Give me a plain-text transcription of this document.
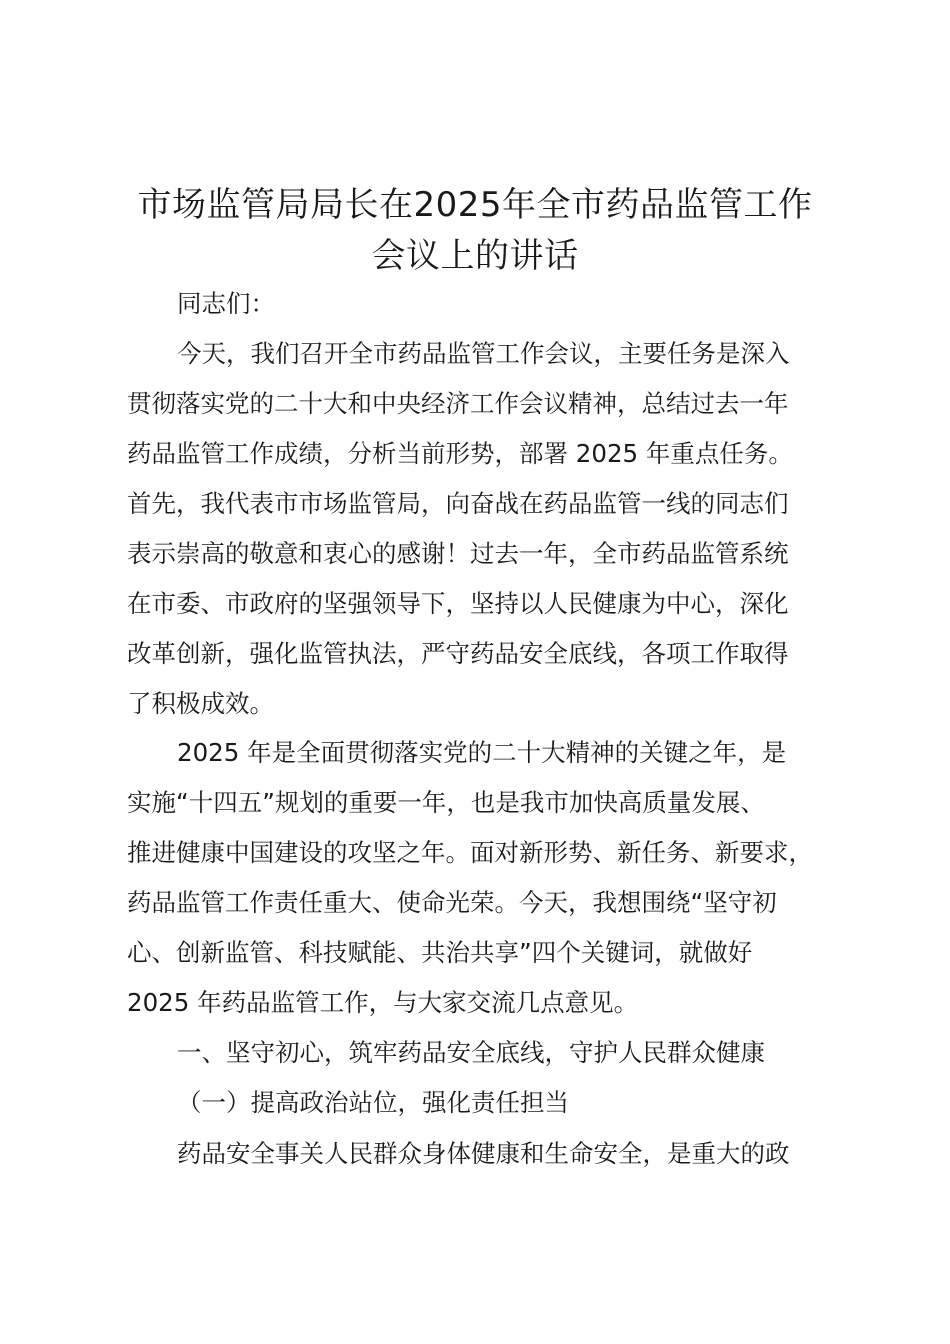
市场监管局局长在2025年全市药品监管工作
会议上的讲话

同志们：

今天，我们召开全市药品监管工作会议，主要任务是深入

贯彻落实党的二十大和中央经济工作会议精神，总结过去一年

药品监管工作成绩，分析当前形势，部署 2025 年重点任务。

首先，我代表市市场监管局，向奋战在药品监管一线的同志们

表示崇高的敬意和衷心的感谢！过去一年，全市药品监管系统

在市委、市政府的坚强领导下，坚持以人民健康为中心，深化

改革创新，强化监管执法，严守药品安全底线，各项工作取得

了积极成效。

2025 年是全面贯彻落实党的二十大精神的关键之年，是

实施“十四五”规划的重要一年，也是我市加快高质量发展、

推进健康中国建设的攻坚之年。面对新形势、新任务、新要求，

药品监管工作责任重大、使命光荣。今天，我想围绕“坚守初

心、创新监管、科技赋能、共治共享”四个关键词，就做好

2025 年药品监管工作，与大家交流几点意见。

一、坚守初心，筑牢药品安全底线，守护人民群众健康

（一）提高政治站位，强化责任担当

药品安全事关人民群众身体健康和生命安全，是重大的政
